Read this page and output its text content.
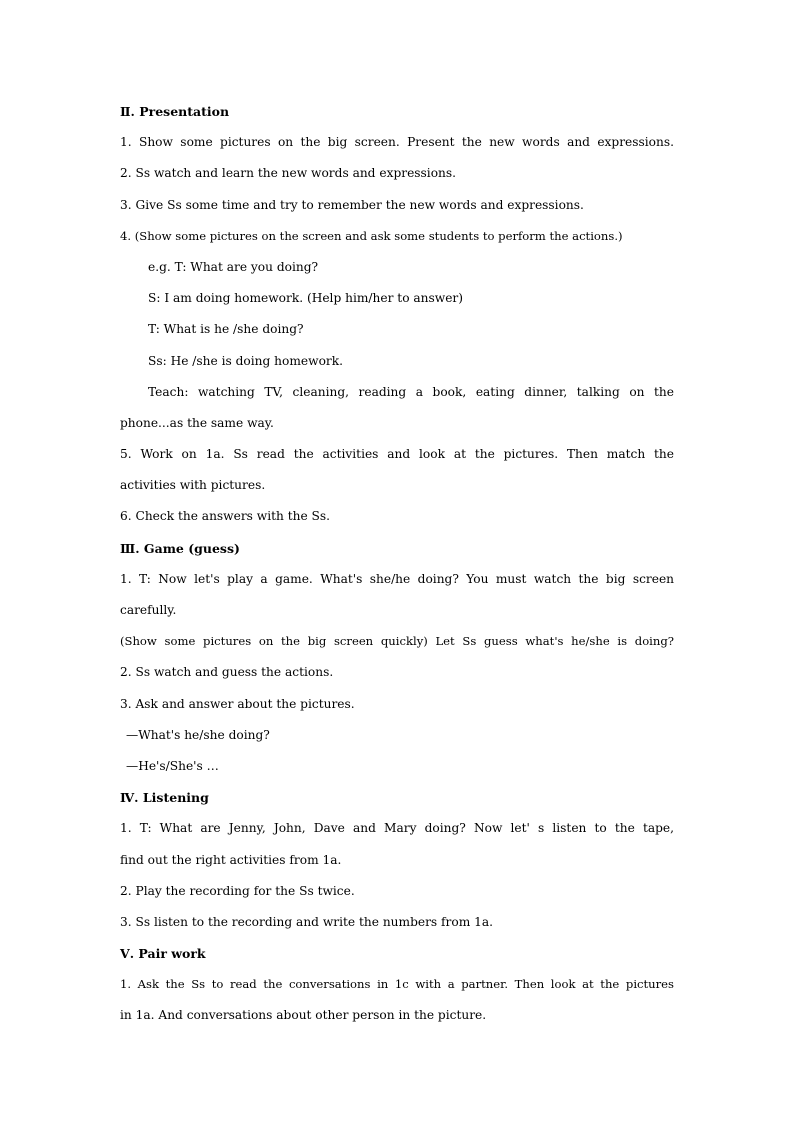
Ⅱ. Presentation
1. Show some pictures on the big screen. Present the new words and expressions.
2. Ss watch and learn the new words and expressions.
3. Give Ss some time and try to remember the new words and expressions.
4. (Show some pictures on the screen and ask some students to perform the actions.)
e.g. T: What are you doing?
S: I am doing homework. (Help him/her to answer)
T: What is he /she doing?
Ss: He /she is doing homework.
Teach: watching TV, cleaning, reading a book, eating dinner, talking on the
phone...as the same way.
5. Work on 1a. Ss read the activities and look at the pictures. Then match the
activities with pictures.
6. Check the answers with the Ss.
Ⅲ. Game (guess)
1. T: Now let's play a game. What's she/he doing? You must watch the big screen
carefully.
(Show some pictures on the big screen quickly) Let Ss guess what's he/she is doing?
2. Ss watch and guess the actions.
3. Ask and answer about the pictures.
—What's he/she doing?
—He's/She's …
Ⅳ. Listening
1. T: What are Jenny, John, Dave and Mary doing? Now let' s listen to the tape,
find out the right activities from 1a.
2. Play the recording for the Ss twice.
3. Ss listen to the recording and write the numbers from 1a.
Ⅴ. Pair work
1. Ask the Ss to read the conversations in 1c with a partner. Then look at the pictures
in 1a. And conversations about other person in the picture.
